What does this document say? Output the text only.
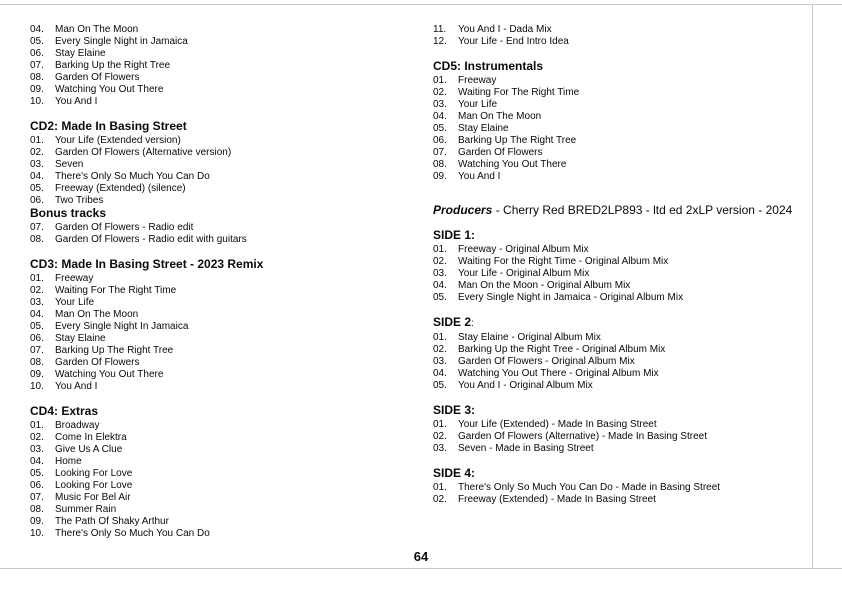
04.	Man On The Moon
05.	Every Single Night in Jamaica
06.	Stay Elaine
07.	Barking Up the Right Tree
08.	Garden Of Flowers
09.	Watching You Out There
10.	You And I
CD2: Made In Basing Street
01.	Your Life (Extended version)
02.	Garden Of Flowers (Alternative version)
03.	Seven
04.	There's Only So Much You Can Do
05.	Freeway (Extended) (silence)
06.	Two Tribes
Bonus tracks
07.	Garden Of Flowers - Radio edit
08.	Garden Of Flowers - Radio edit with guitars
CD3: Made In Basing Street - 2023 Remix
01.	Freeway
02.	Waiting For The Right Time
03.	Your Life
04.	Man On The Moon
05.	Every Single Night In Jamaica
06.	Stay Elaine
07.	Barking Up The Right Tree
08.	Garden Of Flowers
09.	Watching You Out There
10.	You And I
CD4: Extras
01.	Broadway
02.	Come In Elektra
03.	Give Us A Clue
04.	Home
05.	Looking For Love
06.	Looking For Love
07.	Music For Bel Air
08.	Summer Rain
09.	The Path Of Shaky Arthur
10.	There's Only So Much You Can Do
11.	You And I - Dada Mix
12.	Your Life - End Intro Idea
CD5: Instrumentals
01.	Freeway
02.	Waiting For The Right Time
03.	Your Life
04.	Man On The Moon
05.	Stay Elaine
06.	Barking Up The Right Tree
07.	Garden Of Flowers
08.	Watching You Out There
09.	You And I
Producers - Cherry Red BRED2LP893 - ltd ed 2xLP version - 2024
SIDE 1:
01.	Freeway - Original Album Mix
02.	Waiting For the Right Time - Original Album Mix
03.	Your Life - Original Album Mix
04.	Man On the Moon - Original Album Mix
05.	Every Single Night in Jamaica - Original Album Mix
SIDE 2:
01.	Stay Elaine - Original Album Mix
02.	Barking Up the Right Tree - Original Album Mix
03.	Garden Of Flowers - Original Album Mix
04.	Watching You Out There - Original Album Mix
05.	You And I - Original Album Mix
SIDE 3:
01.	Your Life (Extended) - Made In Basing Street
02.	Garden Of Flowers (Alternative) - Made In Basing Street
03.	Seven - Made in Basing Street
SIDE 4:
01.	There's Only So Much You Can Do - Made in Basing Street
02.	Freeway (Extended) - Made In Basing Street
64
